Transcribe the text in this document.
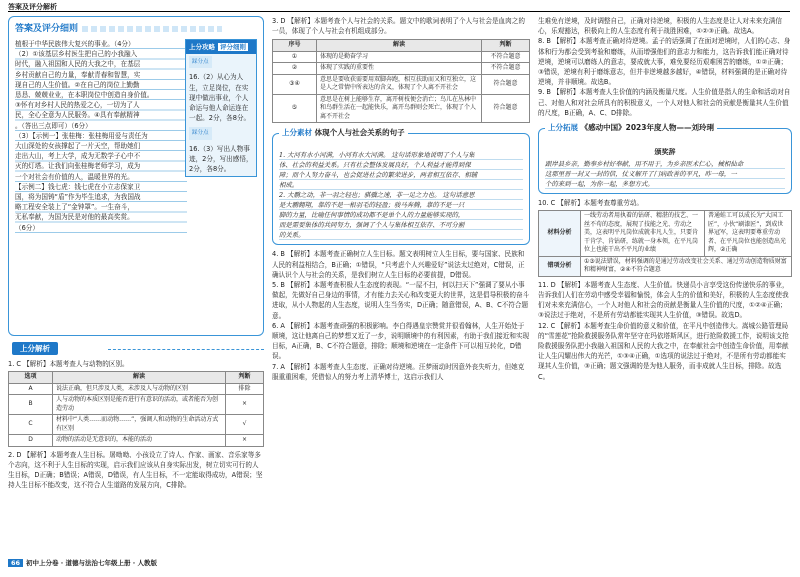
答案及评分解析
答案及评分细则
植根于中华民族伟大复兴的事业。（4分）
（2）①该基层乡村医生把自己的小我融入
时代，融入祖国和人民的大我之中，在基层
乡村贡献自己的力量，奉献青春和智慧，实
现自己的人生价值。②在自己的岗位上勤勤
恳恳、兢兢业业，在本职岗位中创造自身价值。
③怀有对乡村人民的热爱之心，一切为了人
民，全心全意为人民服务。④具有奉献精神
。（答出三点即可）（6分）
（3）【示例一】张桂梅：张桂梅用爱与责任为
大山深处的女孩撑起了一片天空，帮助她们
走出大山，考上大学，成为无数学子心中不
灭的灯塔。让我们向张桂梅老师学习，成为
一个对社会有价值的人，温暖世界的光。
【示例二】钱七虎：钱七虎在小立志保家卫
国，将为国铸“盾”作为毕生追求，为我国战
略工程安全装上了“金钟罩”。一生奋斗，
无私奉献，为国为民是对他的最高奖赏。
（6分）
上分攻略 评分细则
踩分点
16.（2）从心为人生，立足岗位，在实现中做出事业，个人命运与他人命运连在一起。2分，各8分。
踩分点
16.（3）写出人物事迹，2分，写出感悟，2分，各8分。
上分解析
1. C 【解析】本题考查人与动物的区别。
选项	解读	判断
A	说法正确，但只涉及人类，未涉及人与动物的区别	排除
B	人与动物的本质区别是能否进行有意识的活动，或者能否为创造劳动	×
C	材料中“人类……而动物……”，强调人和动物的生命活动方式有区别	√
D	动物的活动是无意识的，本能的活动	×
2. D 【解析】本题考查人生目标。屠呦呦、小孩设立了诗人、作家、画家、音乐家等多个志向，这不利于人生目标的实现，启示我们应该从自身实际出发，树立切实可行的人生目标，D正确；B错误；A错误，D错误，有人生目标，不一定能取得成功，A错误；坚持人生目标不能改变，这不符合人生道路的发展方向，C排除。
3. D 【解析】本题考查个人与社会的关系。题文中的歌词表明了个人与社会是血肉之的一员，体现了个人与社会有机组成部分。
序号	解读	判断
①	体现的是勤奋学习	不符合题意
②	体现了实践的重要性	不符合题意
③④	意思是要收获需要用双脚奔跑，相互扶助而又和互独立，这是人之常情中所表达的含义，体现了个人离不开社会	符合题意
⑤	意思是在树上能够生存，离开树枝便会消亡；鸟儿在丛林中和鸟群生活在一起能快乐，离开鸟群则会死亡，体现了个人离不开社会	符合题意
上分素材 体现个人与社会关系的句子
1. 大河有水小河满，小河有水大河满。 这句话形象地说明了个人与集
体、社会的利益关系。只有社会整体发展良好，个人利益才能得到保
障；而个人努力奋斗，也会促进社会的繁荣进步，两者相互依存、相辅
相成。
2. 大鹏之动，非一羽之轻也；骐骥之速，非一足之力也。 这句话意思
是大鹏翱翔，靠的不是一根羽毛的轻盈；骏马奔腾，靠的不是一只
脚的力量，比喻任何事情的成功都不是单个人的力量能够实现的，
而是需要集体的共同努力，强调了个人与集体相互依存、不可分割
的关系。
4. B 【解析】本题考查正确树立人生目标。题文表明树立人生目标，要与国家、民族和人民的利益相结合，B正确；①错误，“只考虑个人兴趣爱好”说法太过绝对，C错误，正确认识个人与社会的关系，是我们树立人生目标的必要前提，D错误。
5. B 【解析】本题考查积极人生态度的表现。“一屋不扫，何以扫天下”强调了要从小事做起，先做好自己身边的事情，才有能力去关心和改变更大的世界，这是倡导积极的奋斗进取，从小人物起的人生态度，说明人生当务实，D正确；随意错误，A、B、C不符合题意。
6. A 【解析】本题考查顽强的积极影响。李白得遇皇宗赞赏并很看翰林，人生开始处于顺境，这让他离自己的梦想又近了一步，说明顺境中的有利因素，有助于我们接近和实现目标，A正确，B、C不符合题意，排除；顺境和逆境在一定条件下可以相互转化，D错误。
7. A 【解析】本题考查人生态度、正确对待逆境。汪梦雨动时因意外丧失听力，但她克服重重困难，凭借惊人的努力考上清华博士，这启示我们人
生难免有逆境，及时调整自己，正确对待逆境，积极的人生态度是让人对未来充满信心，乐观豁达，积极向上的人生态度有利于战胜困难，①②③正确。故选A。
8. B 【解析】本题考查正确对待逆境。孟子的话强调了在面对逆境时，人们的心志、身体和行为都会受到考验和磨练，从而增强他们的意志力和能力，这告诉我们能正确对待逆境，逆境可以磨练人的意志，要成就大事，难免要经历艰难困苦的磨练，①②正确；③错误，逆境有利于磨练意志，但并非逆境越多越好，④错误，材料强调的是正确对待逆境，并非顺境。故选B。
9. B 【解析】本题考查人生价值的内涵及衡量尺度。人生价值是指人的生命和活动对自己、对他人和对社会所具有的积极意义，一个人对他人和社会的贡献是衡量其人生价值的尺度，B正确，A、C、D排除。
上分拓展 《感动中国》2023年度人物——刘玲琍
颁奖辞
跟岸县乡亲，勤奉乡村好奉献，用不用于，为乡亲医术仁心，械相仙命
这那里晋一封又一封的信，仗义解开了门病政善的平凡，昨一母，一
个的来到一起，为你一起，多想方式。
10. C 【解析】本题考查尊重劳动。
材料分析	一线劳动者用执着的钻研、精湛的技艺、一丝不苟的态度，展现了技能之光、劳动之美，这表明平凡岗位成就非凡人生，只要肯干肯学、肯钻研，练就一身本领，在平凡岗位上也能干出不平凡的业绩	普通蛙工可以成长为“大国工匠”，小伙“刷漆匠”，到成世界冠军，这表明要尊重劳动者、在平凡岗位也能创造出光辉，②正确
错项分析	①③说法错误，材料强调的是通过劳动改变社会关系、通过劳动创造物质财富和精神财富，②④不符合题意	
11. D 【解析】本题考查人生态度、人生价值。快递员小言享受这份传递快乐的事业，告诉我们人们在劳动中感受幸福和愉悦，体会人生的价值和美好，积极的人生态度使我们对未来充满信心，一个人对他人和社会的贡献是衡量人生价值的尺度，①②④正确；③说法过于绝对，不是所有劳动都能实现其人生价值，③错误。故选D。
12. C 【解析】本题考查生命价值的意义和价值，在平凡中创造伟大。嵩城公路管理局的“雪莲花”抢险救援服务队常年坚守在玛依塔斯风区，进行抢险救援工作，说明该支抢险救援服务队把小我融入祖国和人民的大我之中，在奉献社会中创造生命价值，用奉献让人生闪耀出伟大的光芒，①③④正确，①选项的说法过于绝对，不是所有劳动都能实现其人生价值，③正确；题文强调的是为他人服务，而非成就人生目标，排除。故选C。
66 初中上分卷 · 道德与法治七年级上册 · 人教版
